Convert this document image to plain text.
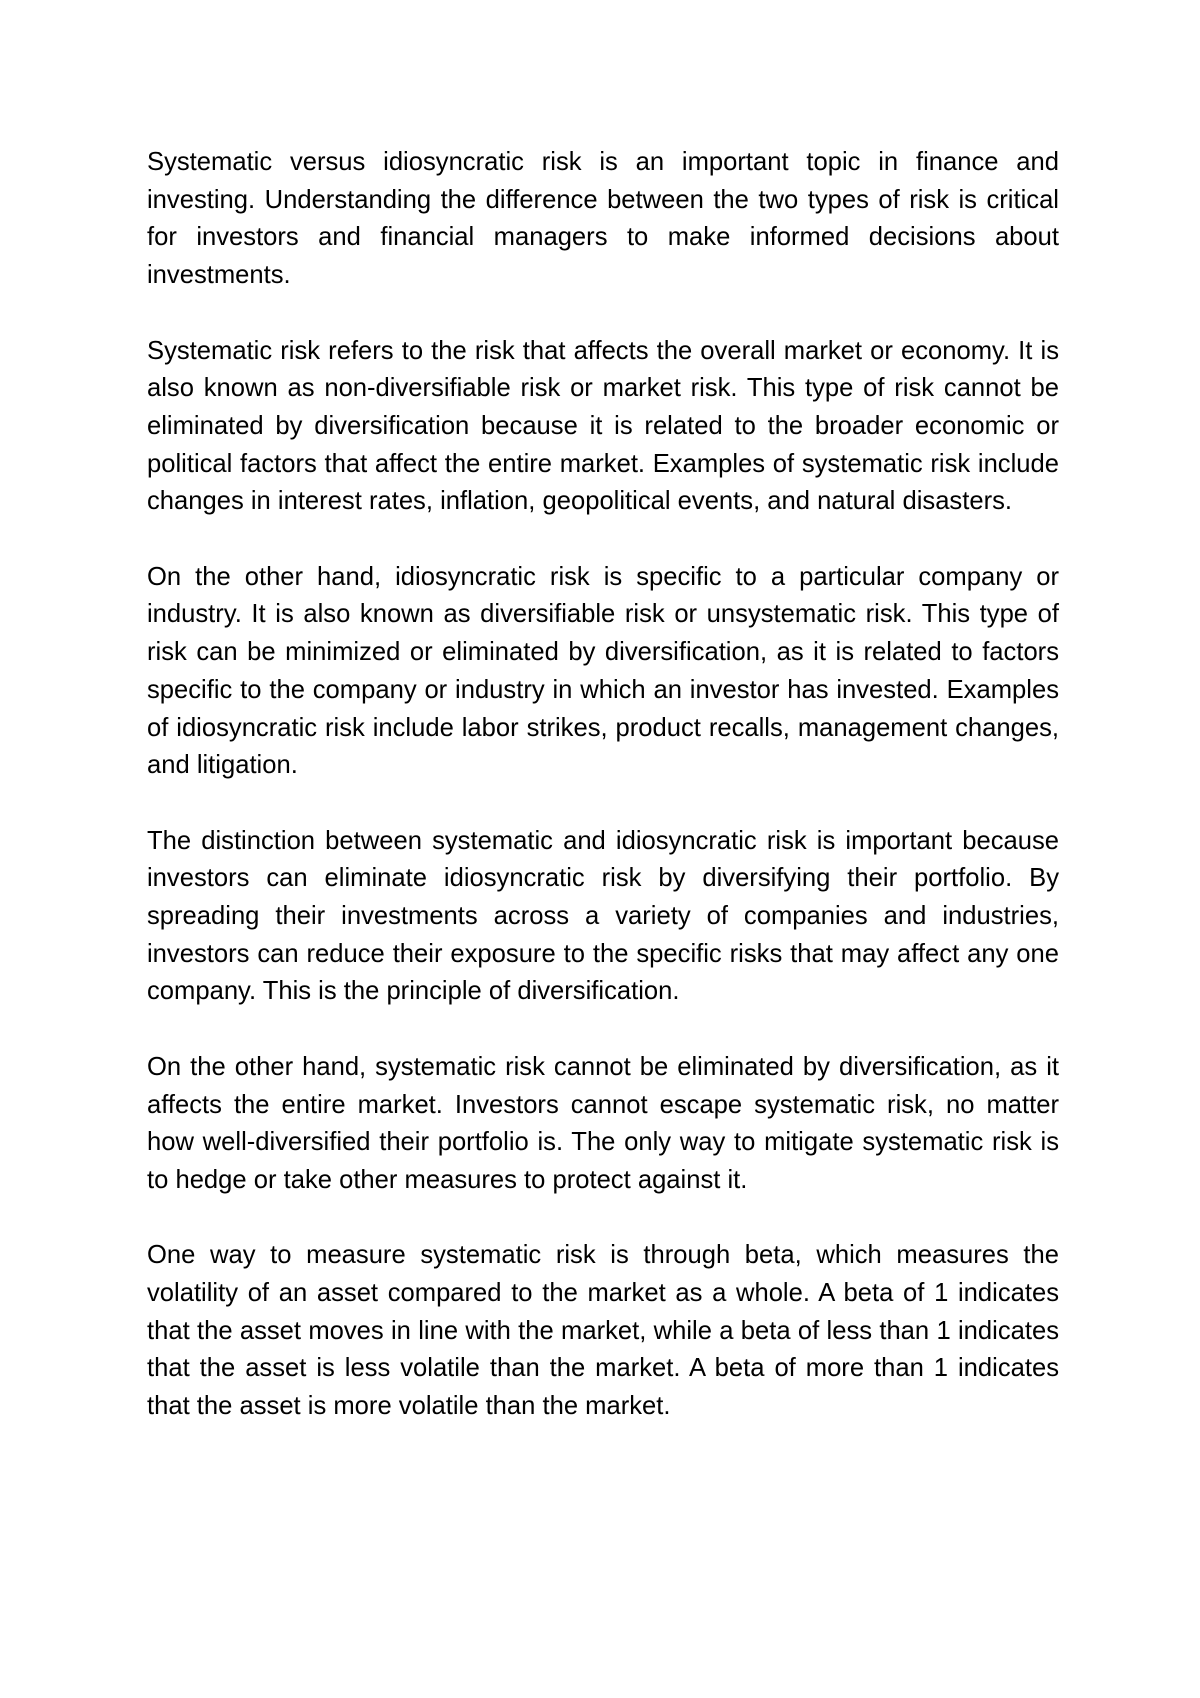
Systematic versus idiosyncratic risk is an important topic in finance and investing. Understanding the difference between the two types of risk is critical for investors and financial managers to make informed decisions about investments.

Systematic risk refers to the risk that affects the overall market or economy. It is also known as non-diversifiable risk or market risk. This type of risk cannot be eliminated by diversification because it is related to the broader economic or political factors that affect the entire market. Examples of systematic risk include changes in interest rates, inflation, geopolitical events, and natural disasters.

On the other hand, idiosyncratic risk is specific to a particular company or industry. It is also known as diversifiable risk or unsystematic risk. This type of risk can be minimized or eliminated by diversification, as it is related to factors specific to the company or industry in which an investor has invested. Examples of idiosyncratic risk include labor strikes, product recalls, management changes, and litigation.

The distinction between systematic and idiosyncratic risk is important because investors can eliminate idiosyncratic risk by diversifying their portfolio. By spreading their investments across a variety of companies and industries, investors can reduce their exposure to the specific risks that may affect any one company. This is the principle of diversification.

On the other hand, systematic risk cannot be eliminated by diversification, as it affects the entire market. Investors cannot escape systematic risk, no matter how well-diversified their portfolio is. The only way to mitigate systematic risk is to hedge or take other measures to protect against it.

One way to measure systematic risk is through beta, which measures the volatility of an asset compared to the market as a whole. A beta of 1 indicates that the asset moves in line with the market, while a beta of less than 1 indicates that the asset is less volatile than the market. A beta of more than 1 indicates that the asset is more volatile than the market.
